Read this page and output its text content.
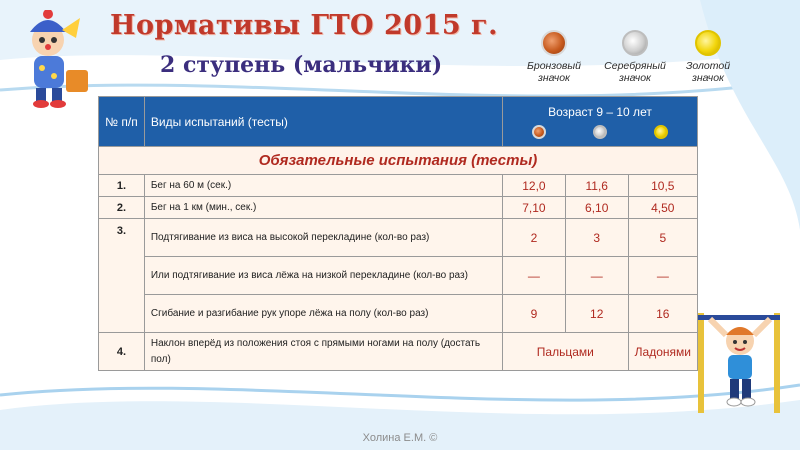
Нормативы ГТО 2015 г.
2 ступень (мальчики)	Бронзовый значок
Серебряный значок
Золотой значок
№ п/п	Виды испытаний (тесты)	Возраст 9 – 10 лет		

Обязательные испытания (тесты)				
1.	Бег на 60 м (сек.)	12,0	11,6	10,5
2.	Бег на 1 км (мин., сек.)	7,10	6,10	4,50
3.	Подтягивание из виса на высокой перекладине (кол-во раз)	2	3	5
	Или подтягивание из виса лёжа на низкой перекладине (кол-во раз)	—	—	—
	Сгибание и разгибание рук упоре лёжа на полу (кол-во раз)	9	12	16
4.	Наклон вперёд из положения стоя с прямыми ногами на полу (достать пол)	Пальцами		Ладонями
Холина Е.М. ©
